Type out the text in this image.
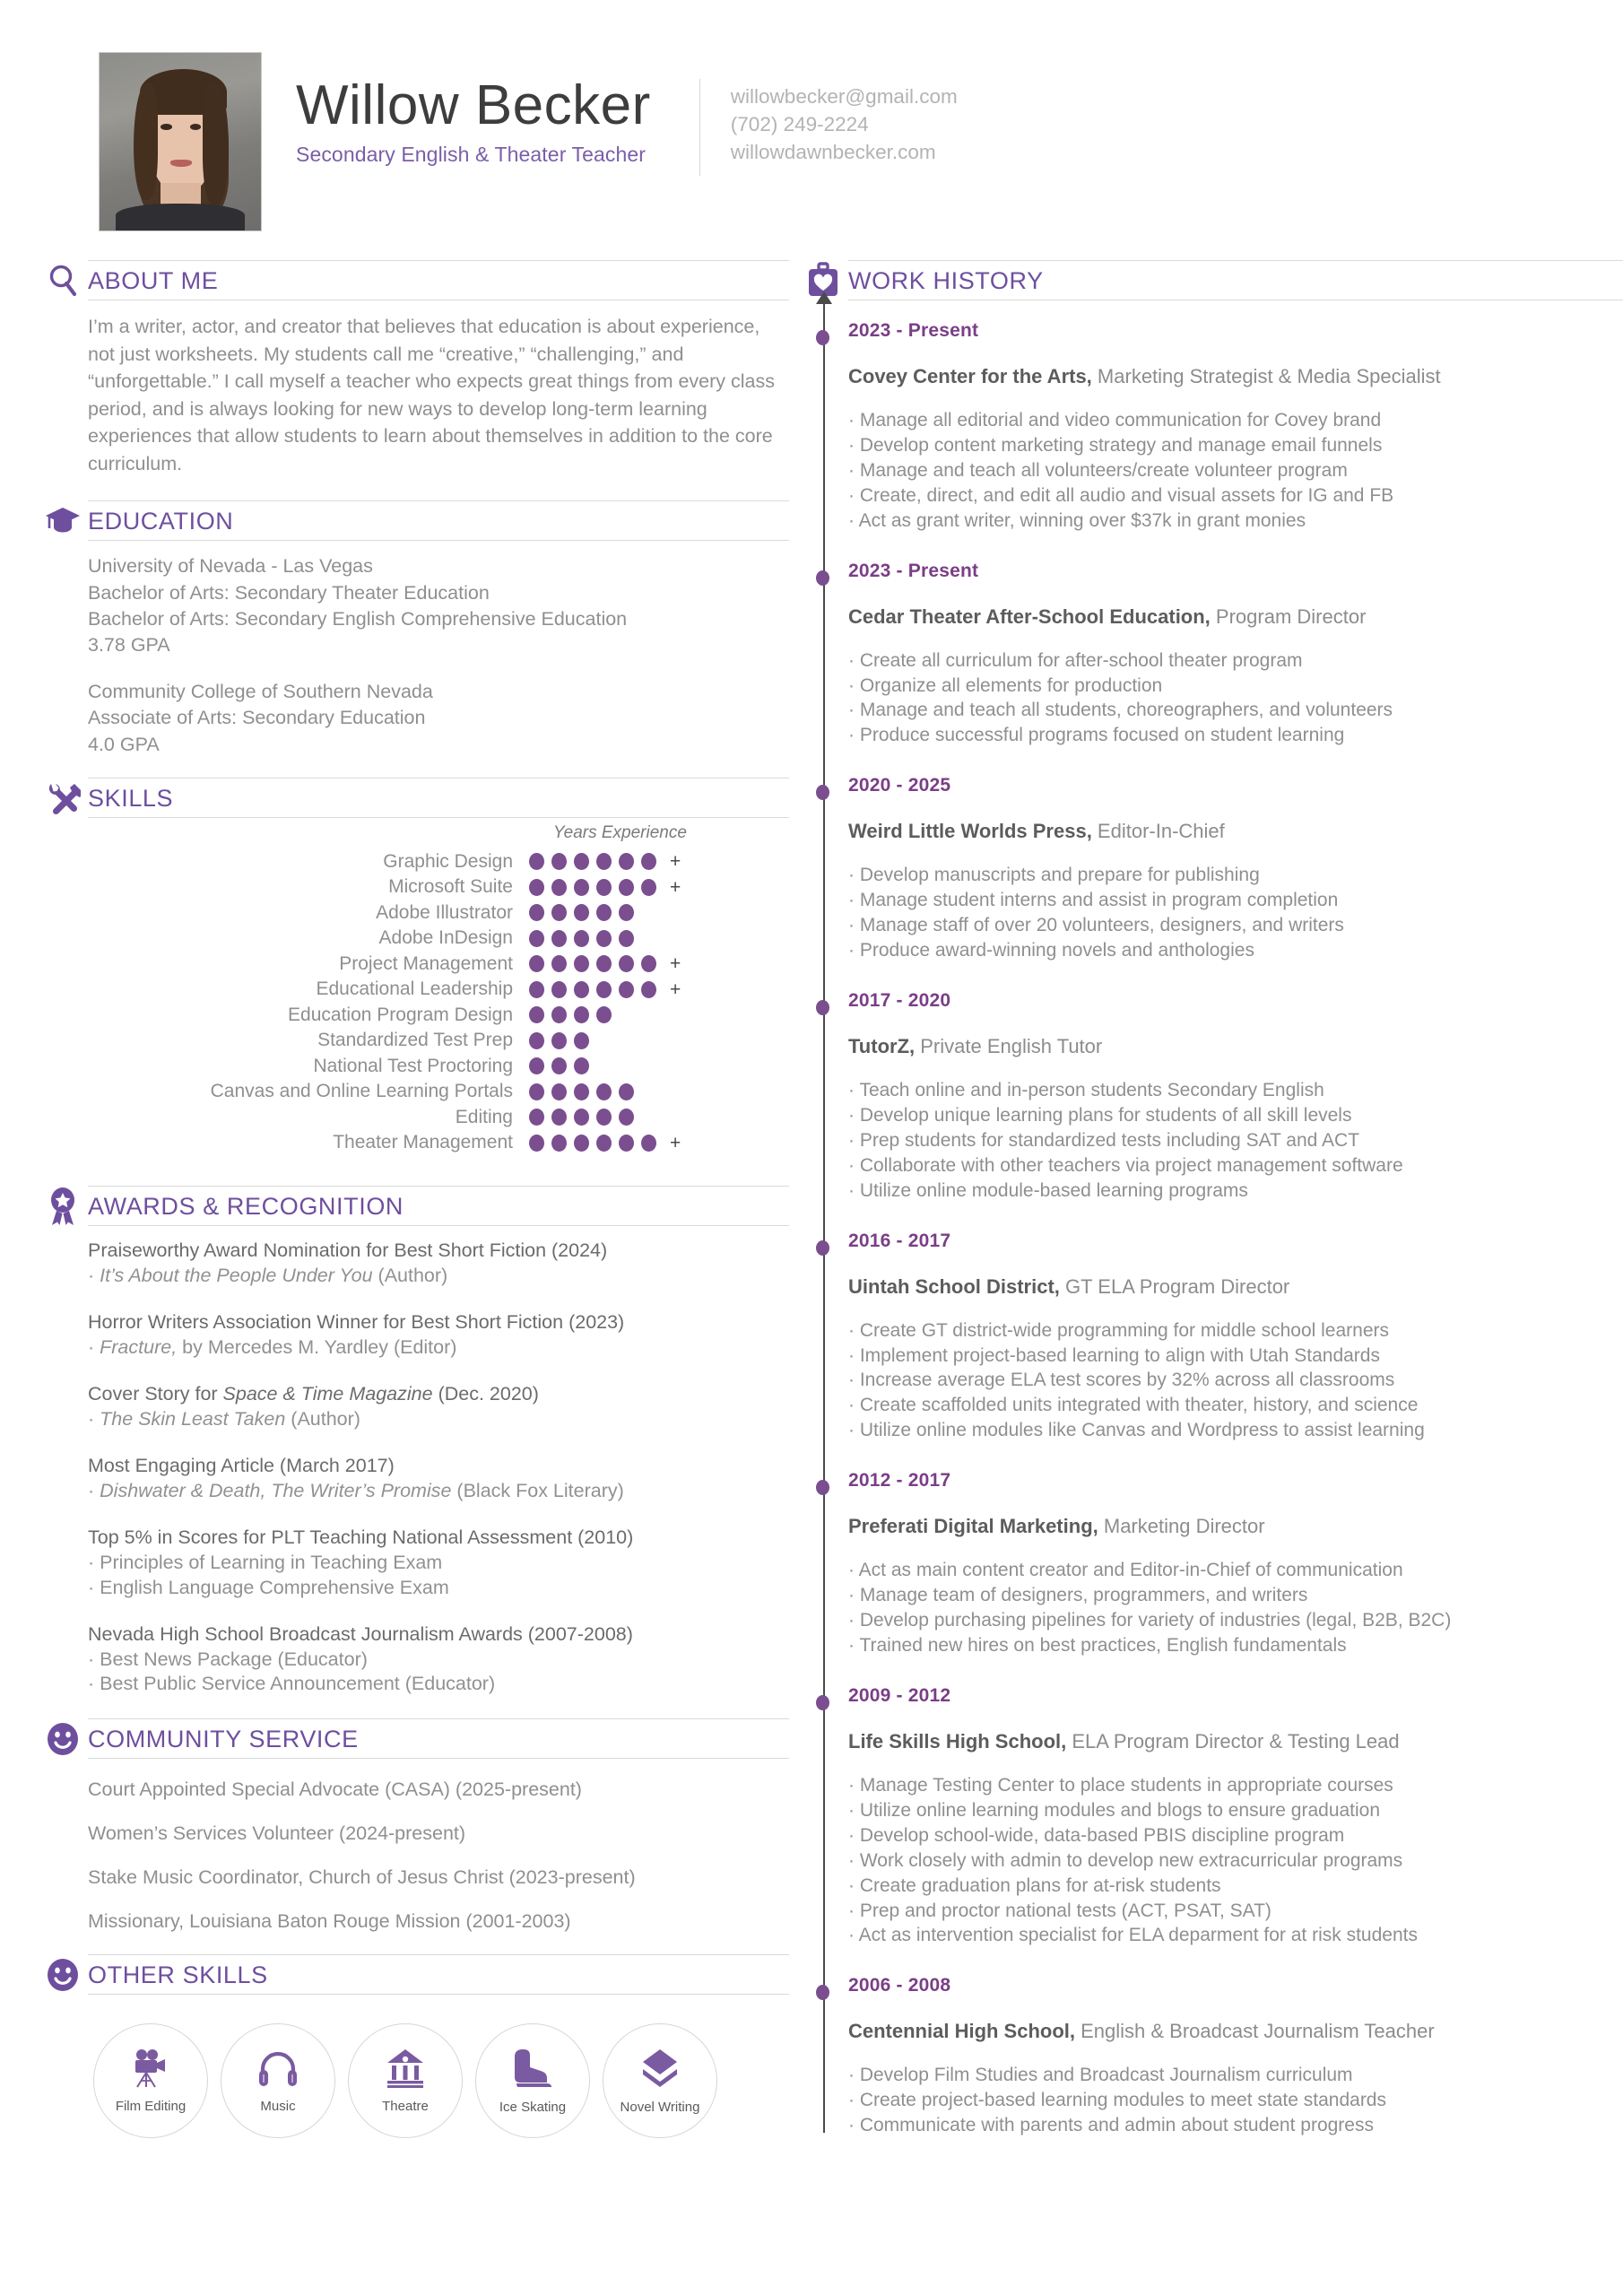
Willow Becker
Secondary English & Theater Teacher
willowbecker@gmail.com
(702) 249-2224
willowdawnbecker.com
ABOUT ME
I’m a writer, actor, and creator that believes that education is about experience, not just worksheets. My students call me “creative,” “challenging,” and “unforgettable.” I call myself a teacher who expects great things from every class period, and is always looking for new ways to develop long-term learning experiences that allow students to learn about themselves in addition to the core curriculum.
EDUCATION
University of Nevada - Las Vegas
Bachelor of Arts: Secondary Theater Education
Bachelor of Arts: Secondary English Comprehensive Education
3.78 GPA
Community College of Southern Nevada
Associate of Arts: Secondary Education
4.0 GPA
SKILLS
Years Experience
Graphic Design	+
Microsoft Suite	+
Adobe Illustrator
Adobe InDesign
Project Management	+
Educational Leadership	+
Education Program Design
Standardized Test Prep
National Test Proctoring
Canvas and Online Learning Portals
Editing
Theater Management	+
AWARDS & RECOGNITION
Praiseworthy Award Nomination for Best Short Fiction (2024)
· It’s About the People Under You (Author)
Horror Writers Association Winner for Best Short Fiction (2023)
· Fracture, by Mercedes M. Yardley (Editor)
Cover Story for Space & Time Magazine (Dec. 2020)
· The Skin Least Taken (Author)
Most Engaging Article (March 2017)
· Dishwater & Death, The Writer’s Promise (Black Fox Literary)
Top 5% in Scores for PLT Teaching National Assessment (2010)
· Principles of Learning in Teaching Exam
· English Language Comprehensive Exam
Nevada High School Broadcast Journalism Awards (2007-2008)
· Best News Package (Educator)
· Best Public Service Announcement (Educator)
COMMUNITY SERVICE
Court Appointed Special Advocate (CASA) (2025-present)
Women’s Services Volunteer (2024-present)
Stake Music Coordinator, Church of Jesus Christ (2023-present)
Missionary, Louisiana Baton Rouge Mission (2001-2003)
OTHER SKILLS
Film Editing	Music	Theatre	Ice Skating	Novel Writing
WORK HISTORY
2023 - Present
Covey Center for the Arts, Marketing Strategist & Media Specialist
· Manage all editorial and video communication for Covey brand
· Develop content marketing strategy and manage email funnels
· Manage and teach all volunteers/create volunteer program
· Create, direct, and edit all audio and visual assets for IG and FB
· Act as grant writer, winning over $37k in grant monies
2023 - Present
Cedar Theater After-School Education, Program Director
· Create all curriculum for after-school theater program
· Organize all elements for production
· Manage and teach all students, choreographers, and volunteers
· Produce successful programs focused on student learning
2020 - 2025
Weird Little Worlds Press, Editor-In-Chief
· Develop manuscripts and prepare for publishing
· Manage student interns and assist in program completion
· Manage staff of over 20 volunteers, designers, and writers
· Produce award-winning novels and anthologies
2017 - 2020
TutorZ, Private English Tutor
· Teach online and in-person students Secondary English
· Develop unique learning plans for students of all skill levels
· Prep students for standardized tests including SAT and ACT
· Collaborate with other teachers via project management software
· Utilize online module-based learning programs
2016 - 2017
Uintah School District, GT ELA Program Director
· Create GT district-wide programming for middle school learners
· Implement project-based learning to align with Utah Standards
· Increase average ELA test scores by 32% across all classrooms
· Create scaffolded units integrated with theater, history, and science
· Utilize online modules like Canvas and Wordpress to assist learning
2012 - 2017
Preferati Digital Marketing, Marketing Director
· Act as main content creator and Editor-in-Chief of communication
· Manage team of designers, programmers, and writers
· Develop purchasing pipelines for variety of industries (legal, B2B, B2C)
· Trained new hires on best practices, English fundamentals
2009 - 2012
Life Skills High School, ELA Program Director & Testing Lead
· Manage Testing Center to place students in appropriate courses
· Utilize online learning modules and blogs to ensure graduation
· Develop school-wide, data-based PBIS discipline program
· Work closely with admin to develop new extracurricular programs
· Create graduation plans for at-risk students
· Prep and proctor national tests (ACT, PSAT, SAT)
· Act as intervention specialist for ELA deparment for at risk students
2006 - 2008
Centennial High School, English & Broadcast Journalism Teacher
· Develop Film Studies and Broadcast Journalism curriculum
· Create project-based learning modules to meet state standards
· Communicate with parents and admin about student progress
